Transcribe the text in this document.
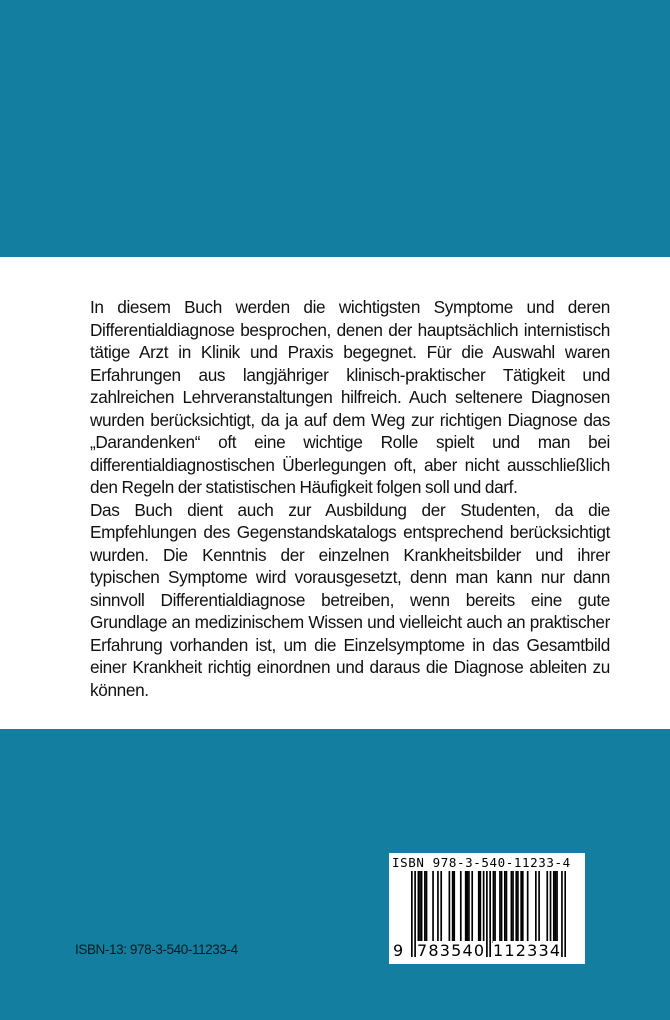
In diesem Buch werden die wichtigsten Symptome und deren Differentialdiagnose besprochen, denen der hauptsächlich internistisch tätige Arzt in Klinik und Praxis begegnet. Für die Auswahl waren Erfahrungen aus langjähriger klinisch-praktischer Tätigkeit und zahlreichen Lehrveranstaltungen hilfreich. Auch seltenere Diagnosen wurden berücksichtigt, da ja auf dem Weg zur richtigen Diagnose das „Darandenken“ oft eine wichtige Rolle spielt und man bei differentialdiagnostischen Überlegungen oft, aber nicht ausschließlich den Regeln der statistischen Häufigkeit folgen soll und darf.

Das Buch dient auch zur Ausbildung der Studenten, da die Empfehlungen des Gegenstandskatalogs entsprechend berücksichtigt wurden. Die Kenntnis der einzelnen Krankheitsbilder und ihrer typischen Symptome wird vorausgesetzt, denn man kann nur dann sinnvoll Differentialdiagnose betreiben, wenn bereits eine gute Grundlage an medizinischem Wissen und vielleicht auch an praktischer Erfahrung vorhanden ist, um die Einzelsymptome in das Gesamtbild einer Krankheit richtig einordnen und daraus die Diagnose ableiten zu können.

ISBN 978-3-540-11233-4
9 783540 112334
ISBN-13: 978-3-540-11233-4
